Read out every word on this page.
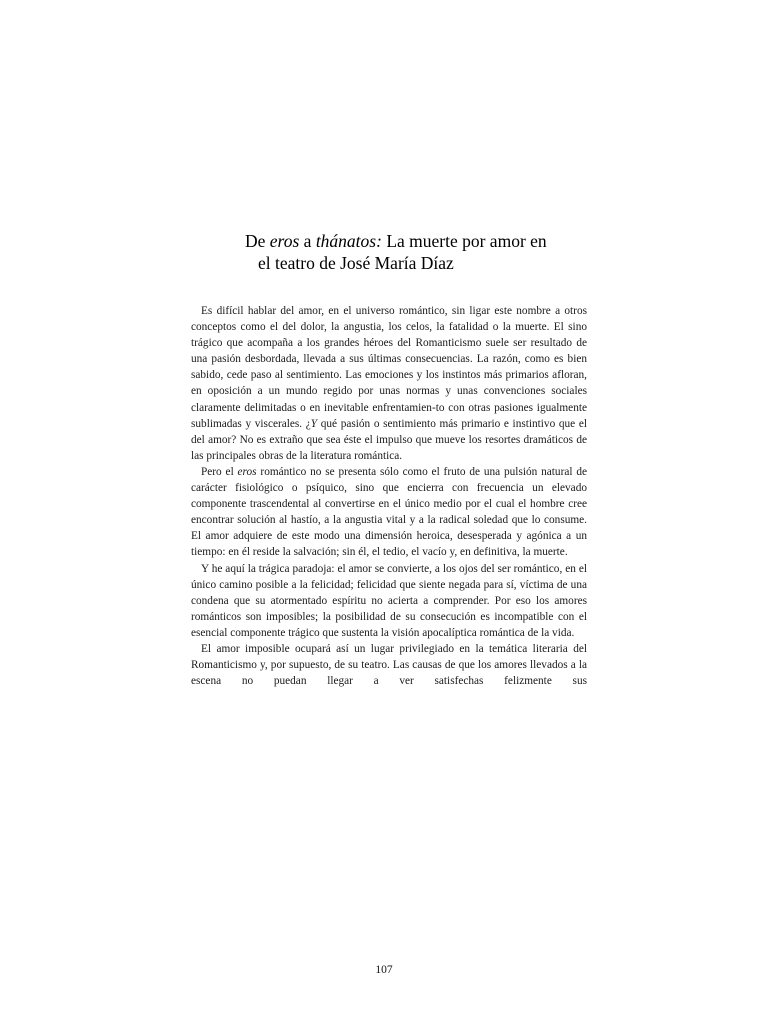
De eros a thánatos: La muerte por amor en
el teatro de José María Díaz

Es difícil hablar del amor, en el universo romántico, sin ligar este nombre a otros conceptos como el del dolor, la angustia, los celos, la fatalidad o la muerte. El sino trágico que acompaña a los grandes héroes del Romanticismo suele ser resultado de una pasión desbordada, llevada a sus últimas consecuencias. La razón, como es bien sabido, cede paso al sentimiento. Las emociones y los instintos más primarios afloran, en oposición a un mundo regido por unas normas y unas convenciones sociales claramente delimitadas o en inevitable enfrentamien-to con otras pasiones igualmente sublimadas y viscerales. ¿Y qué pasión o sentimiento más primario e instintivo que el del amor? No es extraño que sea éste el impulso que mueve los resortes dramáticos de las principales obras de la literatura romántica.

Pero el eros romántico no se presenta sólo como el fruto de una pulsión natural de carácter fisiológico o psíquico, sino que encierra con frecuencia un elevado componente trascendental al convertirse en el único medio por el cual el hombre cree encontrar solución al hastío, a la angustia vital y a la radical soledad que lo consume. El amor adquiere de este modo una dimensión heroica, desesperada y agónica a un tiempo: en él reside la salvación; sin él, el tedio, el vacío y, en definitiva, la muerte.

Y he aquí la trágica paradoja: el amor se convierte, a los ojos del ser romántico, en el único camino posible a la felicidad; felicidad que siente negada para sí, víctima de una condena que su atormentado espíritu no acierta a comprender. Por eso los amores románticos son imposibles; la posibilidad de su consecución es incompatible con el esencial componente trágico que sustenta la visión apocalíptica romántica de la vida.

El amor imposible ocupará así un lugar privilegiado en la temática literaria del Romanticismo y, por supuesto, de su teatro. Las causas de que los amores llevados a la escena no puedan llegar a ver satisfechas felizmente sus

107
